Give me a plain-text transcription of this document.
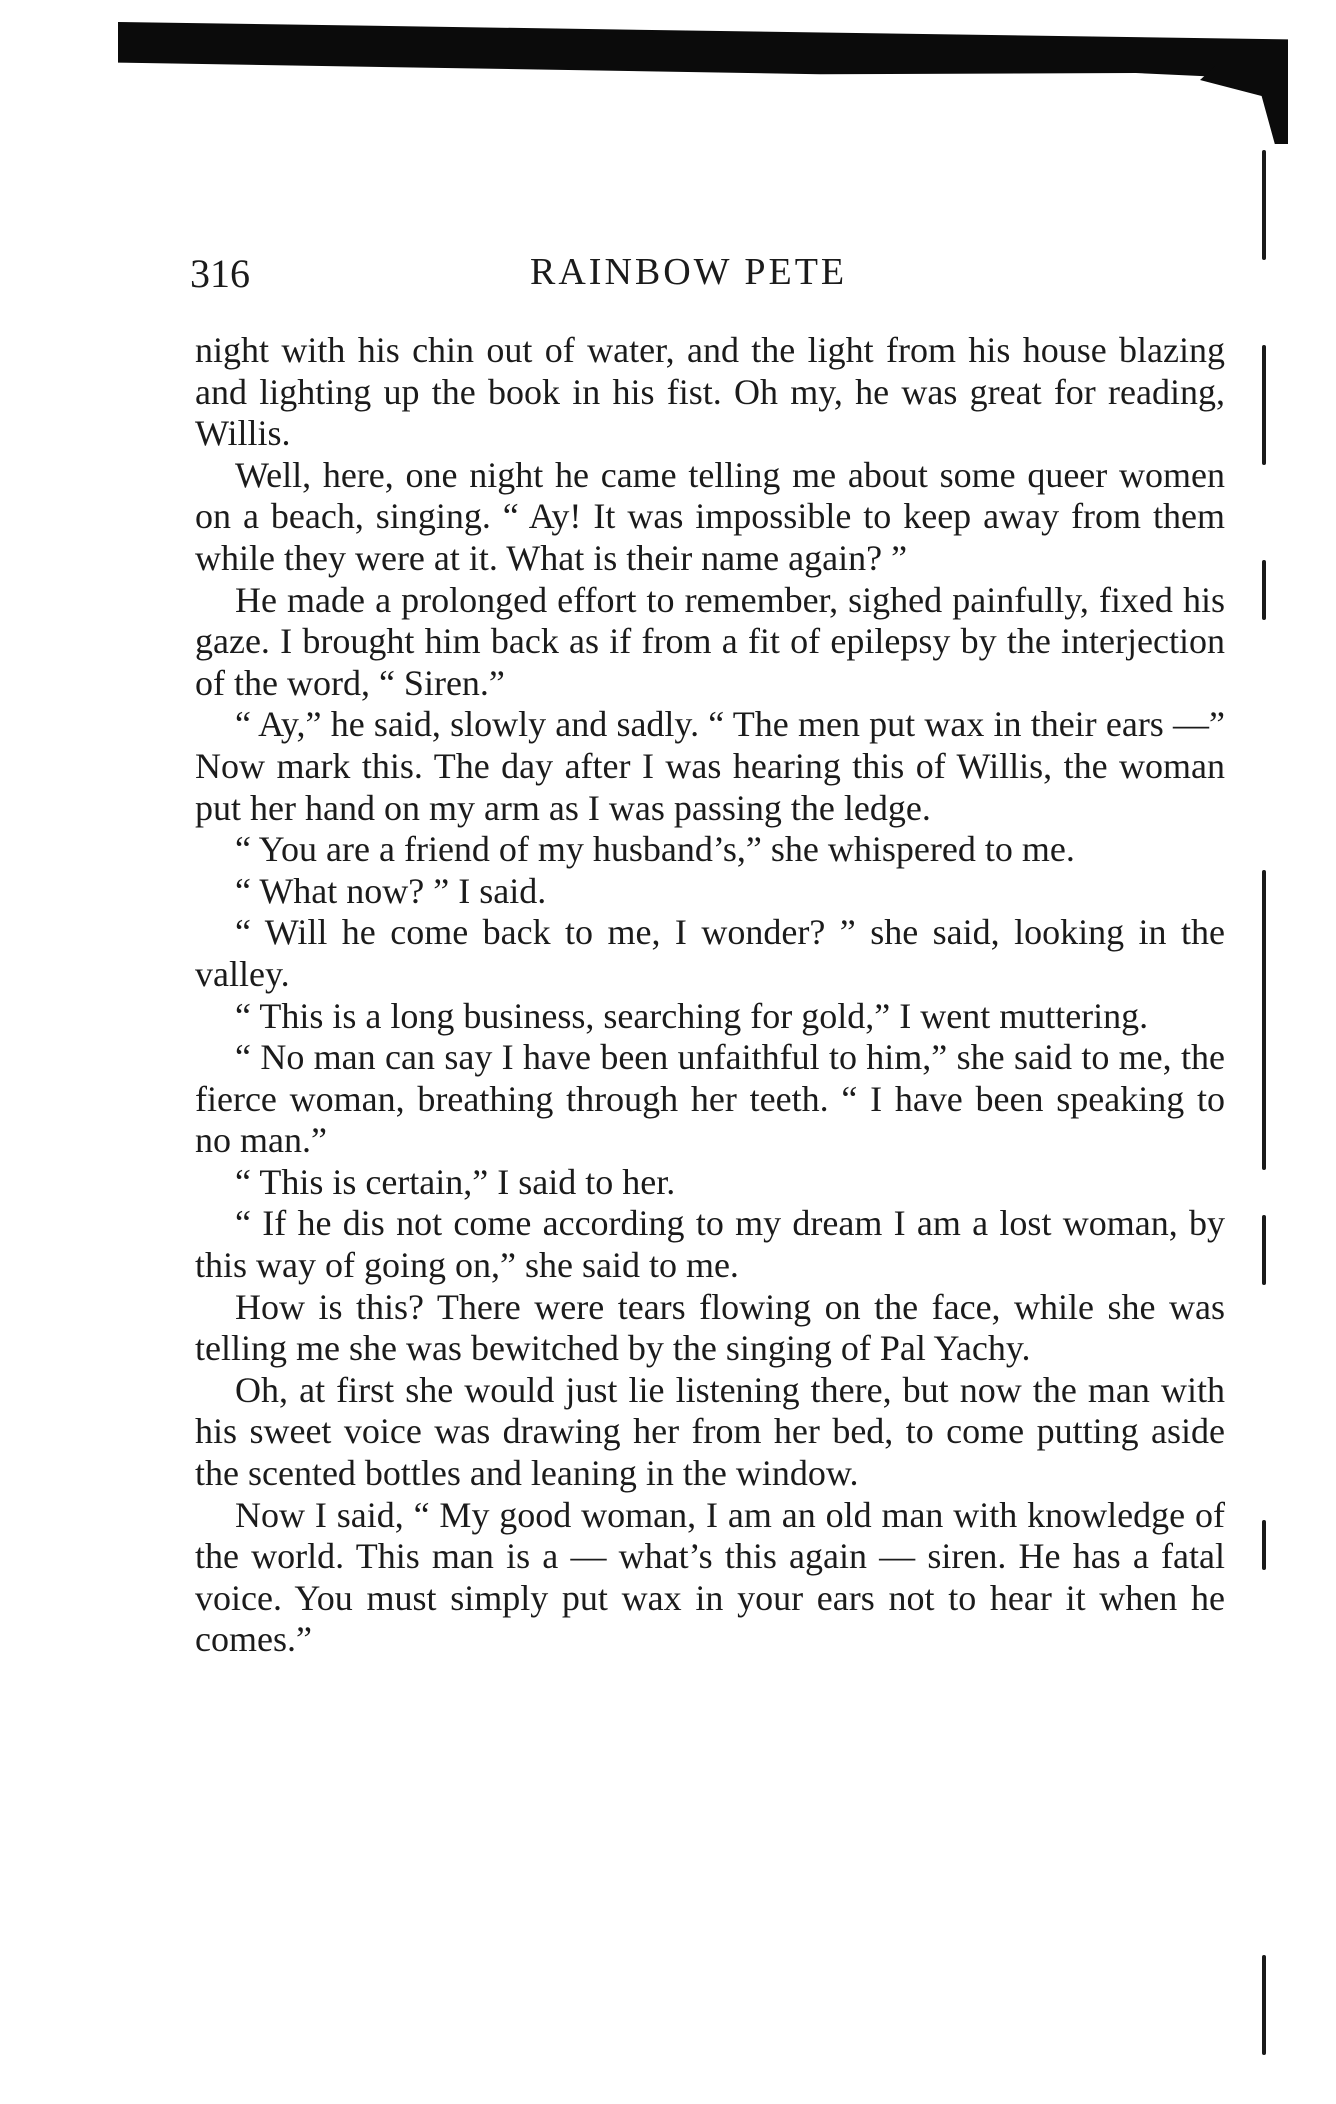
316	RAINBOW PETE

night with his chin out of water, and the light from his house blazing and lighting up the book in his fist. Oh my, he was great for reading, Willis.

Well, here, one night he came telling me about some queer women on a beach, singing. “ Ay! It was impossible to keep away from them while they were at it. What is their name again? ”

He made a prolonged effort to remember, sighed painfully, fixed his gaze. I brought him back as if from a fit of epilepsy by the interjection of the word, “ Siren.”

“ Ay,” he said, slowly and sadly. “ The men put wax in their ears —” Now mark this. The day after I was hearing this of Willis, the woman put her hand on my arm as I was passing the ledge.

“ You are a friend of my husband’s,” she whispered to me.

“ What now? ” I said.

“ Will he come back to me, I wonder? ” she said, looking in the valley.

“ This is a long business, searching for gold,” I went muttering.

“ No man can say I have been unfaithful to him,” she said to me, the fierce woman, breathing through her teeth. “ I have been speaking to no man.”

“ This is certain,” I said to her.

“ If he dis not come according to my dream I am a lost woman, by this way of going on,” she said to me.

How is this? There were tears flowing on the face, while she was telling me she was bewitched by the singing of Pal Yachy.

Oh, at first she would just lie listening there, but now the man with his sweet voice was drawing her from her bed, to come putting aside the scented bottles and leaning in the window.

Now I said, “ My good woman, I am an old man with knowledge of the world. This man is a — what’s this again — siren. He has a fatal voice. You must simply put wax in your ears not to hear it when he comes.”
